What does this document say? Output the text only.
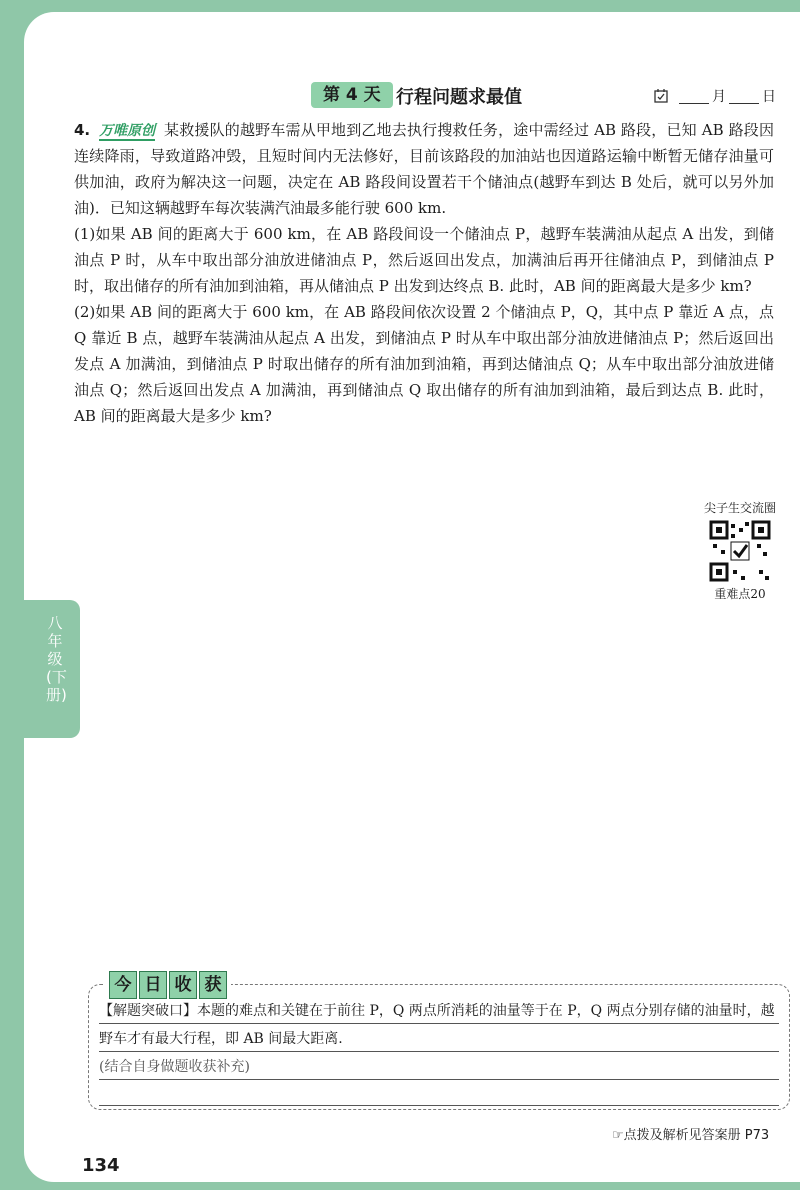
第 4 天 行程问题求最值	月	日

4. 万唯原创 某救援队的越野车需从甲地到乙地去执行搜救任务，途中需经过 AB 路段，已知 AB 路段因连续降雨，导致道路冲毁，且短时间内无法修好，目前该路段的加油站也因道路运输中断暂无储存油量可供加油，政府为解决这一问题，决定在 AB 路段间设置若干个储油点(越野车到达 B 处后，就可以另外加油)．已知这辆越野车每次装满汽油最多能行驶 600 km.

(1)如果 AB 间的距离大于 600 km，在 AB 路段间设一个储油点 P，越野车装满油从起点 A 出发，到储油点 P 时，从车中取出部分油放进储油点 P，然后返回出发点，加满油后再开往储油点 P，到储油点 P 时，取出储存的所有油加到油箱，再从储油点 P 出发到达终点 B. 此时，AB 间的距离最大是多少 km?

(2)如果 AB 间的距离大于 600 km，在 AB 路段间依次设置 2 个储油点 P，Q，其中点 P 靠近 A 点，点 Q 靠近 B 点，越野车装满油从起点 A 出发，到储油点 P 时从车中取出部分油放进储油点 P；然后返回出发点 A 加满油，到储油点 P 时取出储存的所有油加到油箱，再到达储油点 Q；从车中取出部分油放进储油点 Q；然后返回出发点 A 加满油，再到储油点 Q 取出储存的所有油加到油箱，最后到达点 B. 此时，AB 间的距离最大是多少 km?

尖子生交流圈
重难点20
八年级(下册)
今 日 收 获
【解题突破口】本题的难点和关键在于前往 P，Q 两点所消耗的油量等于在 P，Q 两点分别存储的油量时，越
野车才有最大行程，即 AB 间最大距离.
(结合自身做题收获补充)

☞点拨及解析见答案册 P73
134
